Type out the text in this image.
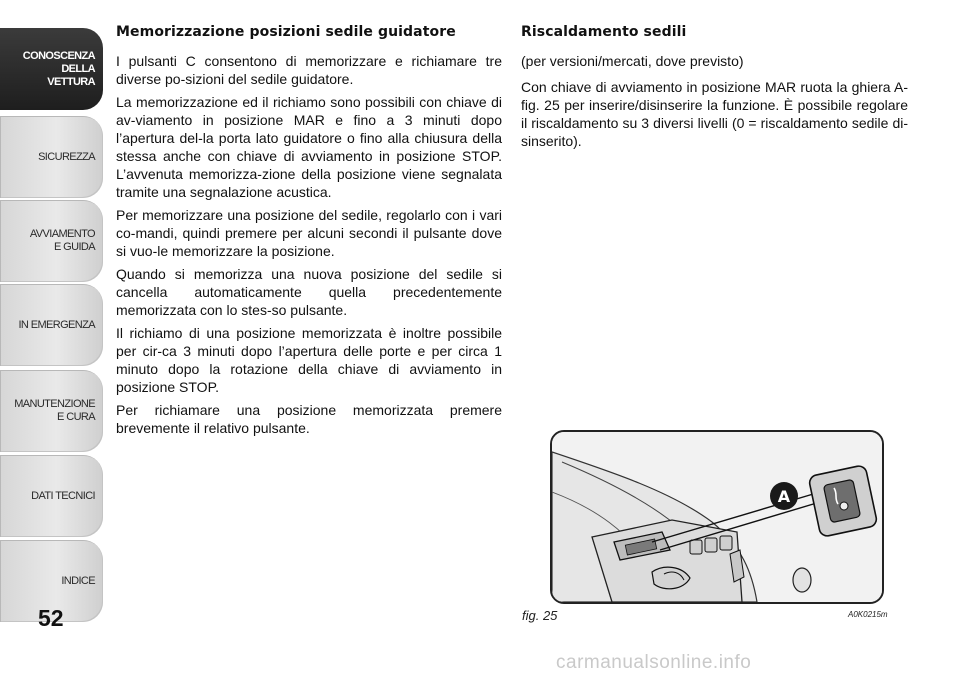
CONOSCENZA
DELLA
VETTURA
SICUREZZA
AVVIAMENTO
E GUIDA
IN EMERGENZA
MANUTENZIONE
E CURA
DATI TECNICI
INDICE
52
Memorizzazione posizioni sedile guidatore

I pulsanti C consentono di memorizzare e richiamare tre diverse po-sizioni del sedile guidatore.

La memorizzazione ed il richiamo sono possibili con chiave di av-viamento in posizione MAR e fino a 3 minuti dopo l’apertura del-la porta lato guidatore o fino alla chiusura della stessa anche con chiave di avviamento in posizione STOP. L’avvenuta memorizza-zione della posizione viene segnalata tramite una segnalazione acustica.

Per memorizzare una posizione del sedile, regolarlo con i vari co-mandi, quindi premere per alcuni secondi il pulsante dove si vuo-le memorizzare la posizione.

Quando si memorizza una nuova posizione del sedile si cancella automaticamente quella precedentemente memorizzata con lo stes-so pulsante.

Il richiamo di una posizione memorizzata è inoltre possibile per cir-ca 3 minuti dopo l’apertura delle porte e per circa 1 minuto dopo la rotazione della chiave di avviamento in posizione STOP.

Per richiamare una posizione memorizzata premere brevemente il relativo pulsante.

Riscaldamento sedili

(per versioni/mercati, dove previsto)

Con chiave di avviamento in posizione MAR ruota la ghiera A-fig. 25 per inserire/disinserire la funzione. È possibile regolare il riscaldamento su 3 diversi livelli (0 = riscaldamento sedile di-sinserito).

A
fig. 25	A0K0215m
carmanualsonline.info
